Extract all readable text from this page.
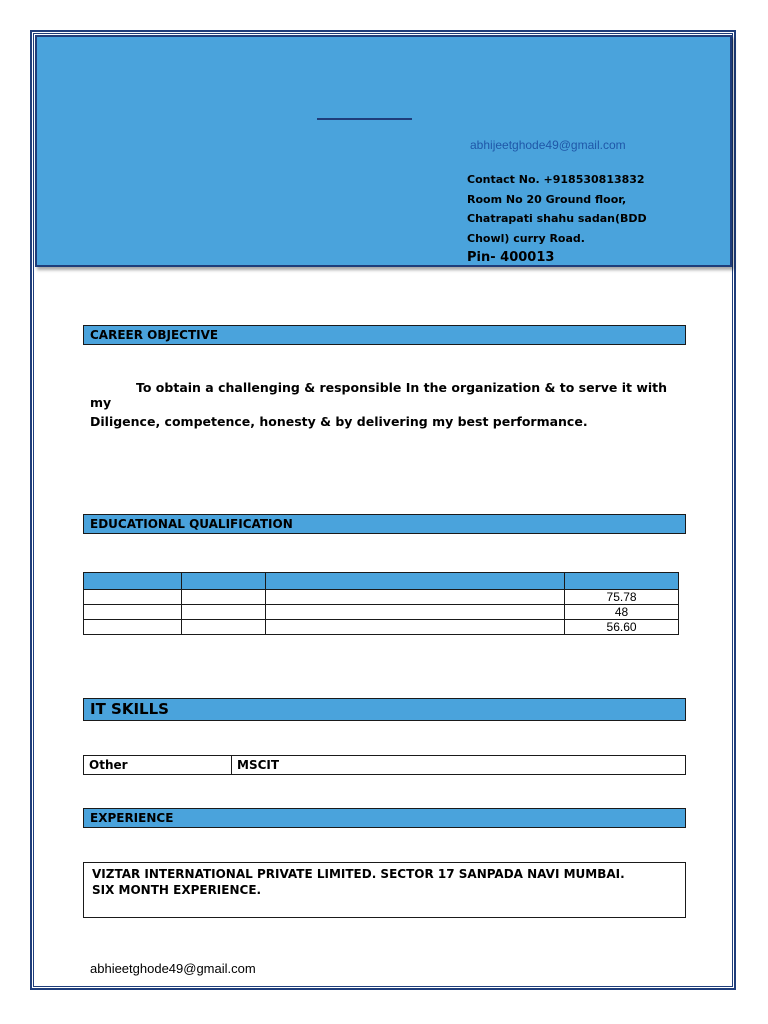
abhijeetghode49@gmail.com
Contact No. +918530813832
Room No 20 Ground floor,
Chatrapati shahu sadan(BDD
Chowl) curry Road.
Pin- 400013
CAREER OBJECTIVE
To obtain a challenging & responsible In the organization & to serve it with my
Diligence, competence, honesty & by delivering my best performance.
EDUCATIONAL QUALIFICATION

			75.78
			48
			56.60
IT SKILLS
Other	MSCIT
EXPERIENCE
VIZTAR INTERNATIONAL PRIVATE LIMITED. SECTOR 17 SANPADA NAVI MUMBAI.
SIX MONTH EXPERIENCE.
abhieetghode49@gmail.com
